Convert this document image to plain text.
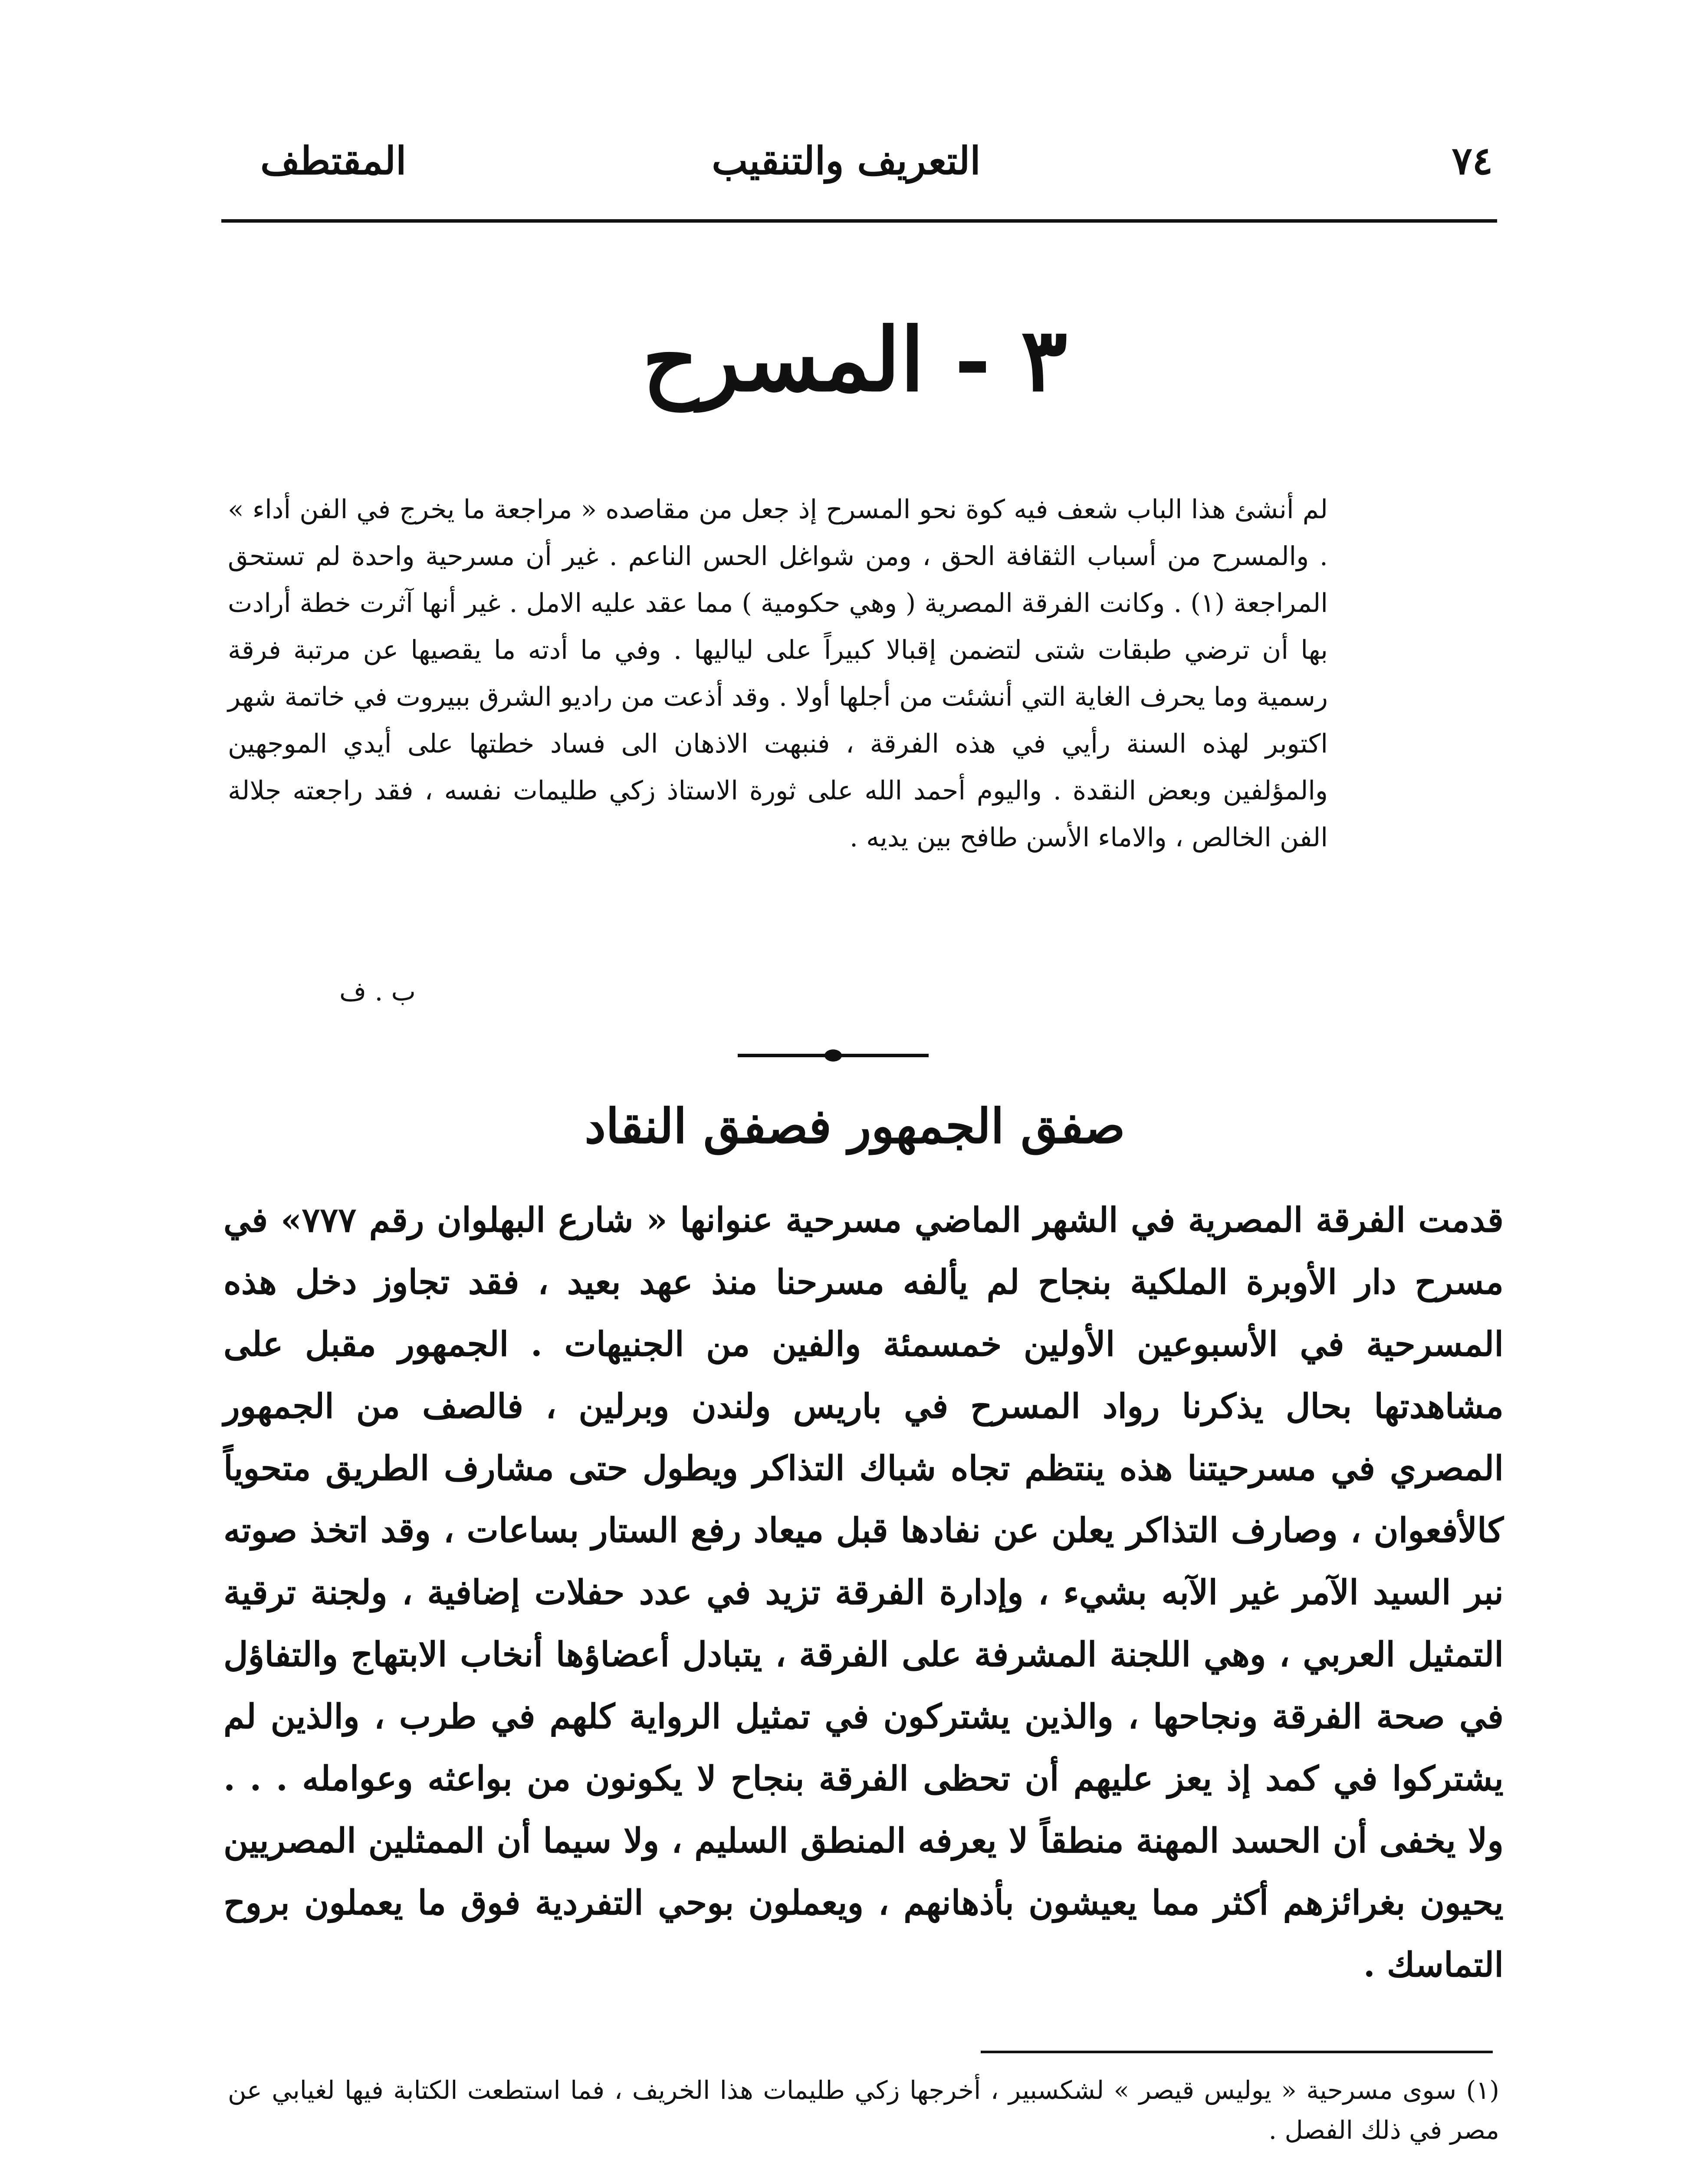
٧٤
التعريف والتنقيب
المقتطف
٣ - المسرح

لم أنشئ هذا الباب شعف فيه كوة نحو المسرح إذ جعل من مقاصده « مراجعة ما يخرج في الفن أداء » . والمسرح من أسباب الثقافة الحق ، ومن شواغل الحس الناعم . غير أن مسرحية واحدة لم تستحق المراجعة (١) . وكانت الفرقة المصرية ( وهي حكومية ) مما عقد عليه الامل . غير أنها آثرت خطة أرادت بها أن ترضي طبقات شتى لتضمن إقبالا كبيراً على لياليها . وفي ما أدته ما يقصيها عن مرتبة فرقة رسمية وما يحرف الغاية التي أنشئت من أجلها أولا . وقد أذعت من راديو الشرق ببيروت في خاتمة شهر اكتوبر لهذه السنة رأيي في هذه الفرقة ، فنبهت الاذهان الى فساد خطتها على أيدي الموجهين والمؤلفين وبعض النقدة . واليوم أحمد الله على ثورة الاستاذ زكي طليمات نفسه ، فقد راجعته جلالة الفن الخالص ، والاماء الأسن طافح بين يديه .

ب . ف
صفق الجمهور فصفق النقاد

قدمت الفرقة المصرية في الشهر الماضي مسرحية عنوانها « شارع البهلوان رقم ٧٧٧» في مسرح دار الأوبرة الملكية بنجاح لم يألفه مسرحنا منذ عهد بعيد ، فقد تجاوز دخل هذه المسرحية في الأسبوعين الأولين خمسمئة والفين من الجنيهات . الجمهور مقبل على مشاهدتها بحال يذكرنا رواد المسرح في باريس ولندن وبرلين ، فالصف من الجمهور المصري في مسرحيتنا هذه ينتظم تجاه شباك التذاكر ويطول حتى مشارف الطريق متحوياً كالأفعوان ، وصارف التذاكر يعلن عن نفادها قبل ميعاد رفع الستار بساعات ، وقد اتخذ صوته نبر السيد الآمر غير الآبه بشيء ، وإدارة الفرقة تزيد في عدد حفلات إضافية ، ولجنة ترقية التمثيل العربي ، وهي اللجنة المشرفة على الفرقة ، يتبادل أعضاؤها أنخاب الابتهاج والتفاؤل في صحة الفرقة ونجاحها ، والذين يشتركون في تمثيل الرواية كلهم في طرب ، والذين لم يشتركوا في كمد إذ يعز عليهم أن تحظى الفرقة بنجاح لا يكونون من بواعثه وعوامله . . . ولا يخفى أن الحسد المهنة منطقاً لا يعرفه المنطق السليم ، ولا سيما أن الممثلين المصريين يحيون بغرائزهم أكثر مما يعيشون بأذهانهم ، ويعملون بوحي التفردية فوق ما يعملون بروح التماسك .

(١) سوى مسرحية « يوليس قيصر » لشكسبير ، أخرجها زكي طليمات هذا الخريف ، فما استطعت الكتابة فيها لغيابي عن مصر في ذلك الفصل .
